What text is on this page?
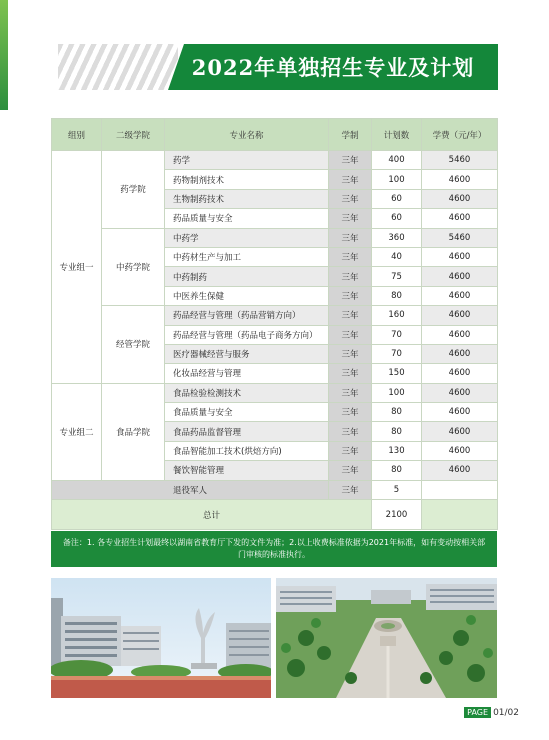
2022年单独招生专业及计划
组别	二级学院	专业名称	学制	计划数	学费（元/年）
专业组一	药学院	药学	三年	400	5460
		药物制剂技术	三年	100	4600
		生物制药技术	三年	60	4600
		药品质量与安全	三年	60	4600
	中药学院	中药学	三年	360	5460
		中药材生产与加工	三年	40	4600
		中药制药	三年	75	4600
		中医养生保健	三年	80	4600
	经管学院	药品经营与管理（药品营销方向）	三年	160	4600
		药品经营与管理（药品电子商务方向）	三年	70	4600
		医疗器械经营与服务	三年	70	4600
		化妆品经营与管理	三年	150	4600
专业组二	食品学院	食品检验检测技术	三年	100	4600
		食品质量与安全	三年	80	4600
		食品药品监督管理	三年	80	4600
		食品智能加工技术(烘焙方向)	三年	130	4600
		餐饮智能管理	三年	80	4600
退役军人			三年	5	
总计				2100	
备注：1. 各专业招生计划最终以湖南省教育厅下发的文件为准；2.以上收费标准依据为2021年标准，如有变动按相关部门审核的标准执行。
PAGE 01/02
